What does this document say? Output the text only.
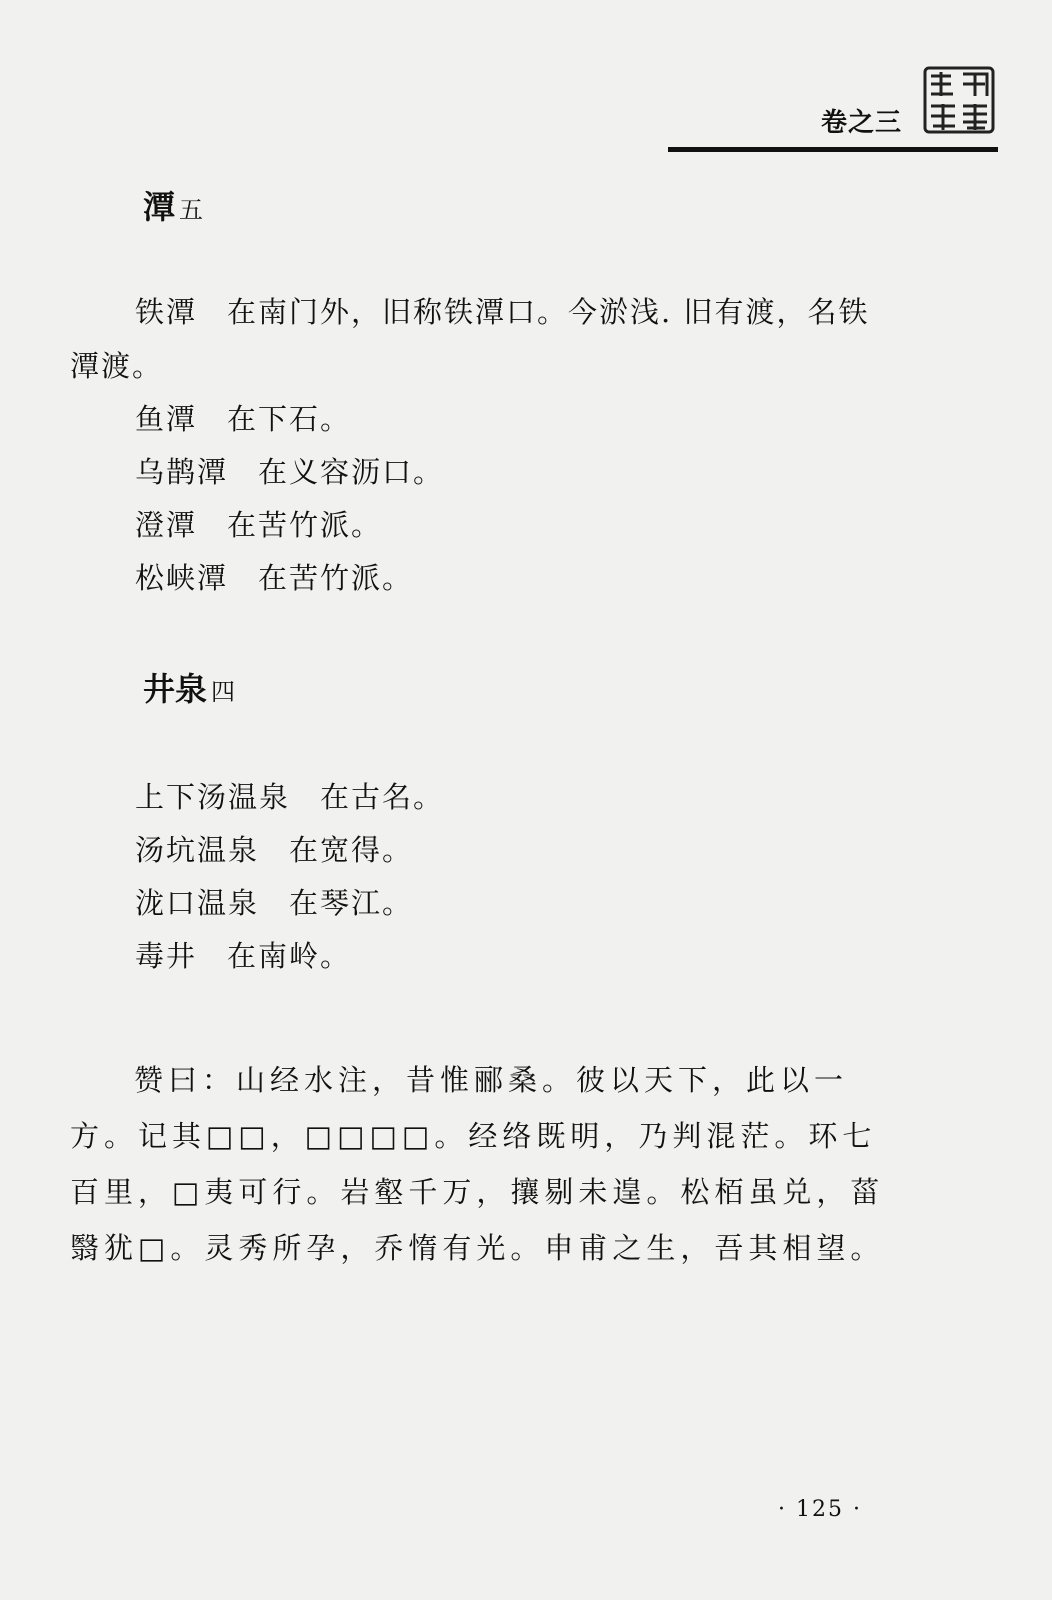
卷之三
潭 五
铁潭 在南门外，旧称铁潭口。今淤浅. 旧有渡，名铁
潭渡。
鱼潭 在下石。
乌鹊潭 在义容沥口。
澄潭 在苦竹派。
松峡潭 在苦竹派。
井泉 四
上下汤温泉 在古名。
汤坑温泉 在宽得。
泷口温泉 在琴江。
毒井 在南岭。
赞曰：山经水注，昔惟郦桑。彼以天下，此以一方。记其□□，□□□□。经络既明，乃判混茫。环七百里，□夷可行。岩壑千万，攘剔未遑。松栢虽兑，菑翳犹□。灵秀所孕，乔惰有光。申甫之生，吾其相望。
· 125 ·
